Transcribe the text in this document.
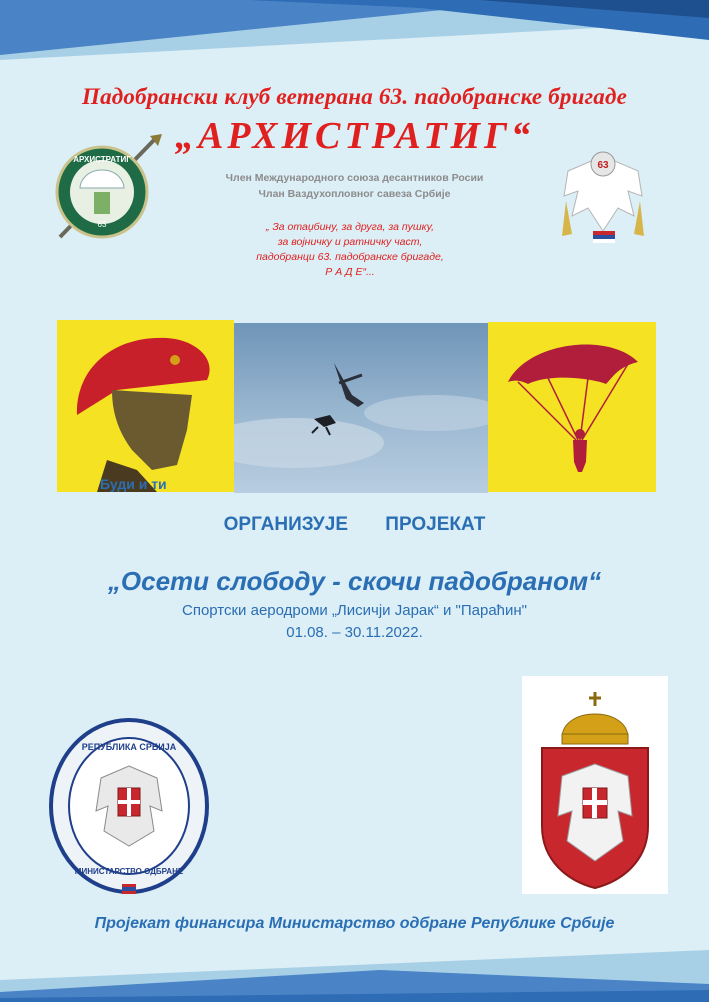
Падобрански клуб ветерана 63. падобранске бригаде
„АРХИСТРАТИГ“
Члeн Международного союза десантников Росии
Члан Ваздухопловног савеза Србије
„ За отаџбину, за друга, за пушку,
за војничку и ратничку част,
падобранци 63. падобранске бригаде,
Р А Д Е“...
АРХИСТРАТИГ
63
63
Буди и ти
ОРГАНИЗУЈЕ ПРОЈЕКАТ
„Осети слободу - скочи падобраном“
Спортски аеродроми „Лисичји Јарак“ и "Параћин"
01.08. – 30.11.2022.
РЕПУБЛИКА СРБИЈА
МИНИСТАРСТВО ОДБРАНЕ
Пројекат финансира Министарство одбране Републике Србије
